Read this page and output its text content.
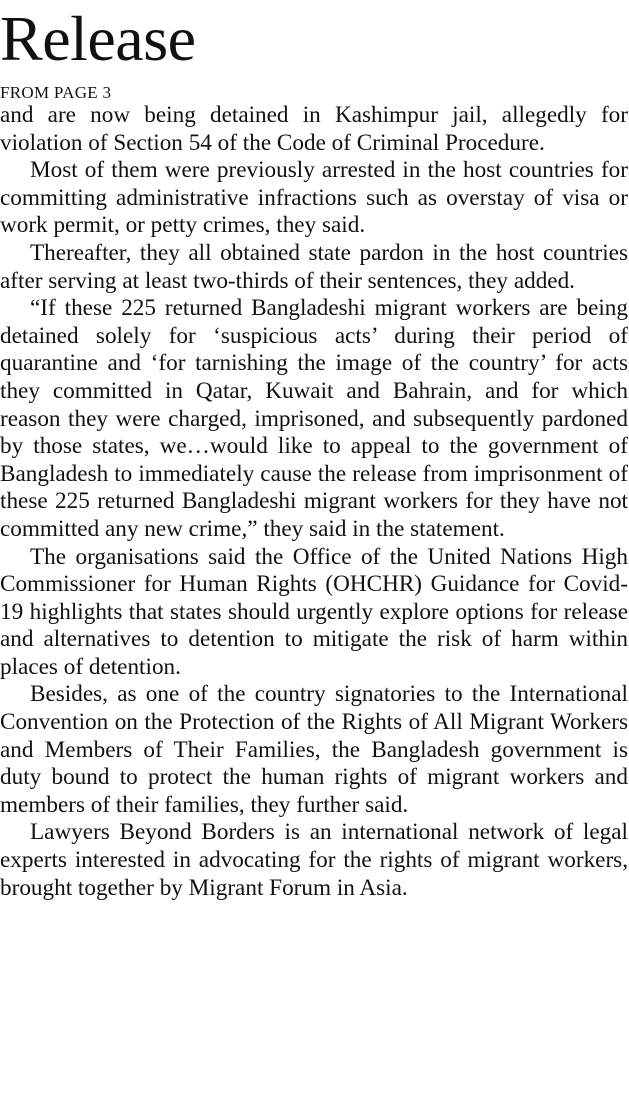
Release
FROM PAGE 3

and are now being detained in Kashimpur jail, allegedly for violation of Section 54 of the Code of Criminal Procedure.

Most of them were previously arrested in the host countries for committing administrative infractions such as overstay of visa or work permit, or petty crimes, they said.

Thereafter, they all obtained state pardon in the host countries after serving at least two-thirds of their sentences, they added.

“If these 225 returned Bangladeshi migrant workers are being detained solely for ‘suspicious acts’ during their period of quarantine and ‘for tarnishing the image of the country’ for acts they committed in Qatar, Kuwait and Bahrain, and for which reason they were charged, imprisoned, and subsequently pardoned by those states, we…would like to appeal to the government of Bangladesh to immediately cause the release from imprisonment of these 225 returned Bangladeshi migrant workers for they have not committed any new crime,” they said in the statement.

The organisations said the Office of the United Nations High Commissioner for Human Rights (OHCHR) Guidance for Covid-19 highlights that states should urgently explore options for release and alternatives to detention to mitigate the risk of harm within places of detention.

Besides, as one of the country signatories to the International Convention on the Protection of the Rights of All Migrant Workers and Members of Their Families, the Bangladesh government is duty bound to protect the human rights of migrant workers and members of their families, they further said.

Lawyers Beyond Borders is an international network of legal experts interested in advocating for the rights of migrant workers, brought together by Migrant Forum in Asia.
